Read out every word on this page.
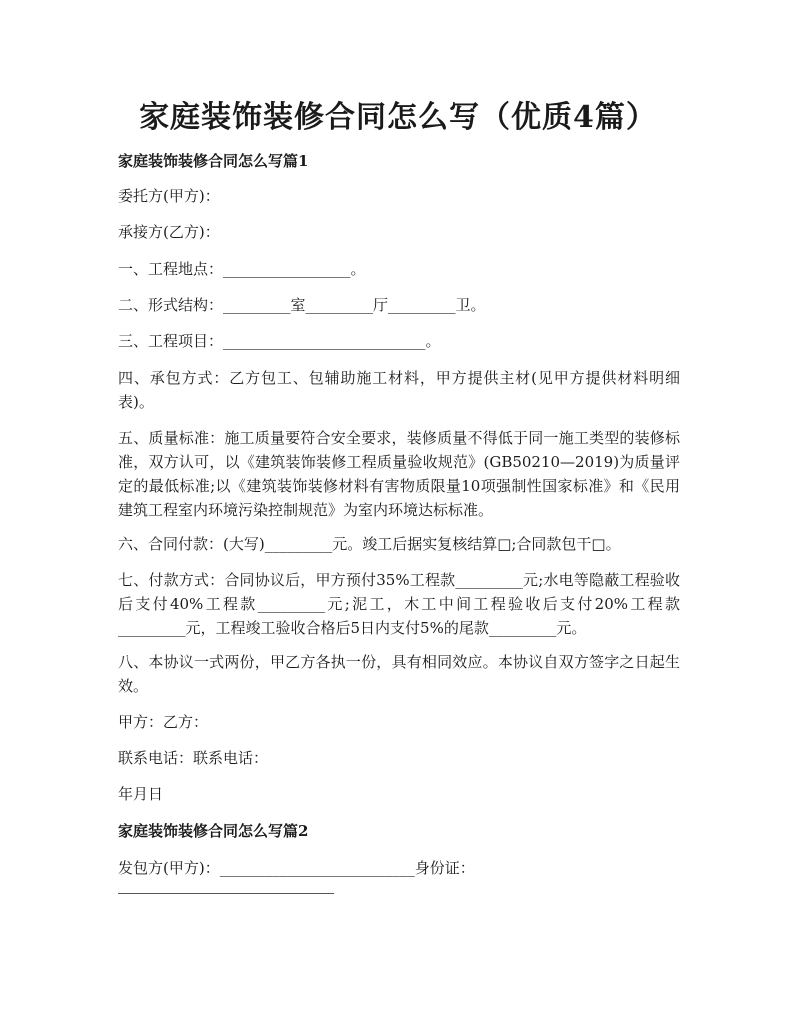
家庭装饰装修合同怎么写（优质4篇）
家庭装饰装修合同怎么写篇1
委托方(甲方)：
承接方(乙方)：
一、工程地点：_________________。
二、形式结构：_________室_________厅_________卫。
三、工程项目：___________________________。
四、承包方式：乙方包工、包辅助施工材料，甲方提供主材(见甲方提供材料明细表)。
五、质量标准：施工质量要符合安全要求，装修质量不得低于同一施工类型的装修标准，双方认可，以《建筑装饰装修工程质量验收规范》(GB50210—2019)为质量评定的最低标准;以《建筑装饰装修材料有害物质限量10项强制性国家标准》和《民用建筑工程室内环境污染控制规范》为室内环境达标标准。
六、合同付款：(大写)_________元。竣工后据实复核结算□;合同款包干□。
七、付款方式：合同协议后，甲方预付35%工程款_________元;水电等隐蔽工程验收后支付40%工程款_________元;泥工，木工中间工程验收后支付20%工程款_________元，工程竣工验收合格后5日内支付5%的尾款_________元。
八、本协议一式两份，甲乙方各执一份，具有相同效应。本协议自双方签字之日起生效。
甲方：乙方：
联系电话：联系电话：
年月日
家庭装饰装修合同怎么写篇2
发包方(甲方)：__________________________身份证：
